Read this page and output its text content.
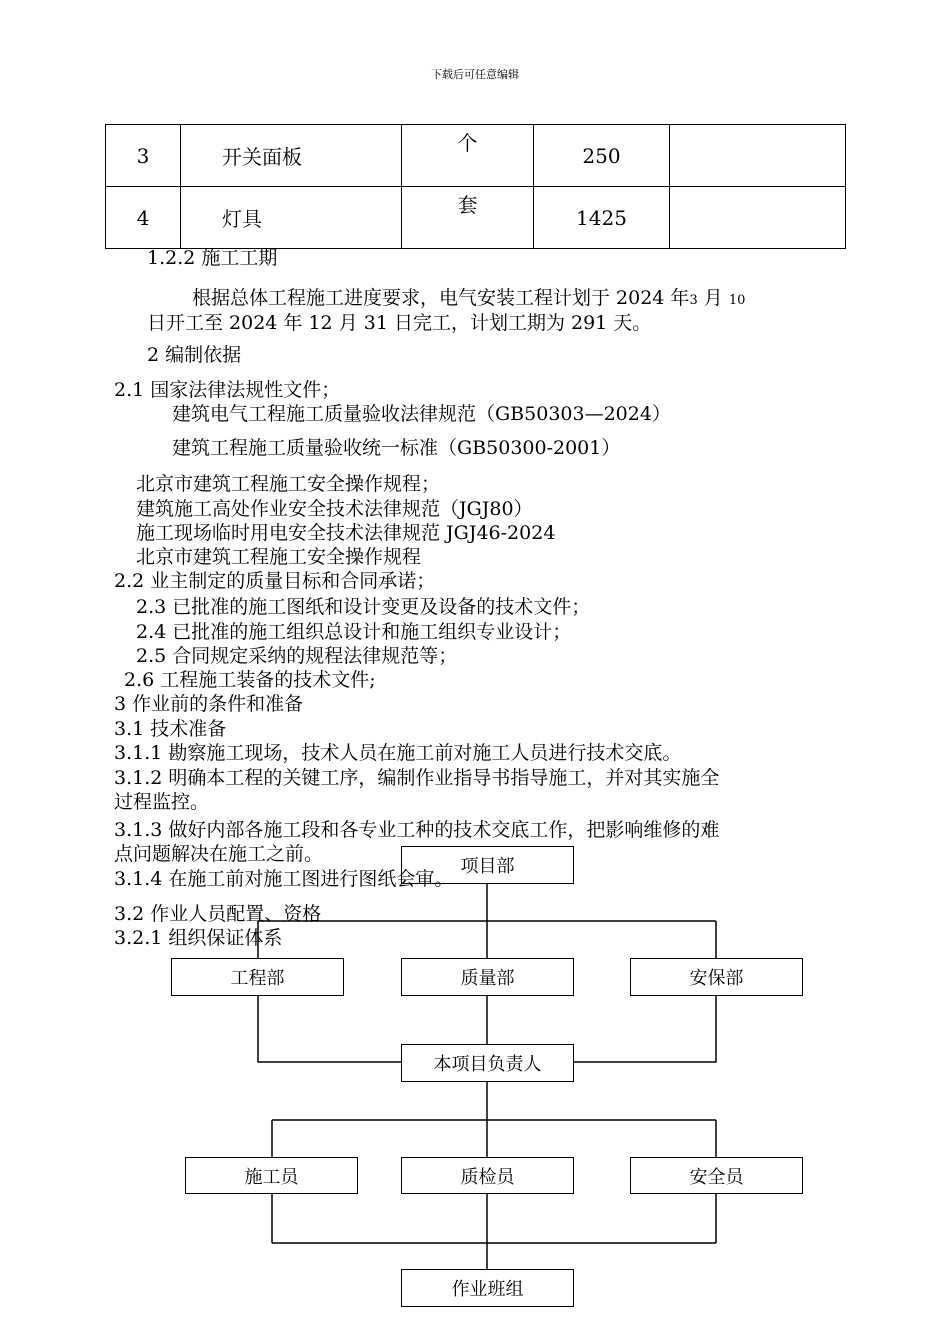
下载后可任意编辑
3	开关面板	个	250	
4	灯具	套	1425	
1.2.2 施工工期
根据总体工程施工进度要求，电气安装工程计划于 2024 年3 月 10
日开工至 2024 年 12 月 31 日完工，计划工期为 291 天。
2 编制依据
2.1 国家法律法规性文件；
建筑电气工程施工质量验收法律规范（GB50303—2024）
建筑工程施工质量验收统一标准（GB50300-2001）
北京市建筑工程施工安全操作规程；
建筑施工高处作业安全技术法律规范（JGJ80）
施工现场临时用电安全技术法律规范 JGJ46-2024
北京市建筑工程施工安全操作规程
2.2 业主制定的质量目标和合同承诺；
2.3 已批准的施工图纸和设计变更及设备的技术文件；
2.4 已批准的施工组织总设计和施工组织专业设计；
2.5 合同规定采纳的规程法律规范等；
2.6 工程施工装备的技术文件;
3 作业前的条件和准备
3.1 技术准备
3.1.1 勘察施工现场，技术人员在施工前对施工人员进行技术交底。
3.1.2 明确本工程的关键工序，编制作业指导书指导施工，并对其实施全
过程监控。
3.1.3 做好内部各施工段和各专业工种的技术交底工作，把影响维修的难
点问题解决在施工之前。
3.1.4 在施工前对施工图进行图纸会审。
3.2 作业人员配置、资格
3.2.1 组织保证体系
项目部
工程部	质量部	安保部
本项目负责人
施工员	质检员	安全员
作业班组
